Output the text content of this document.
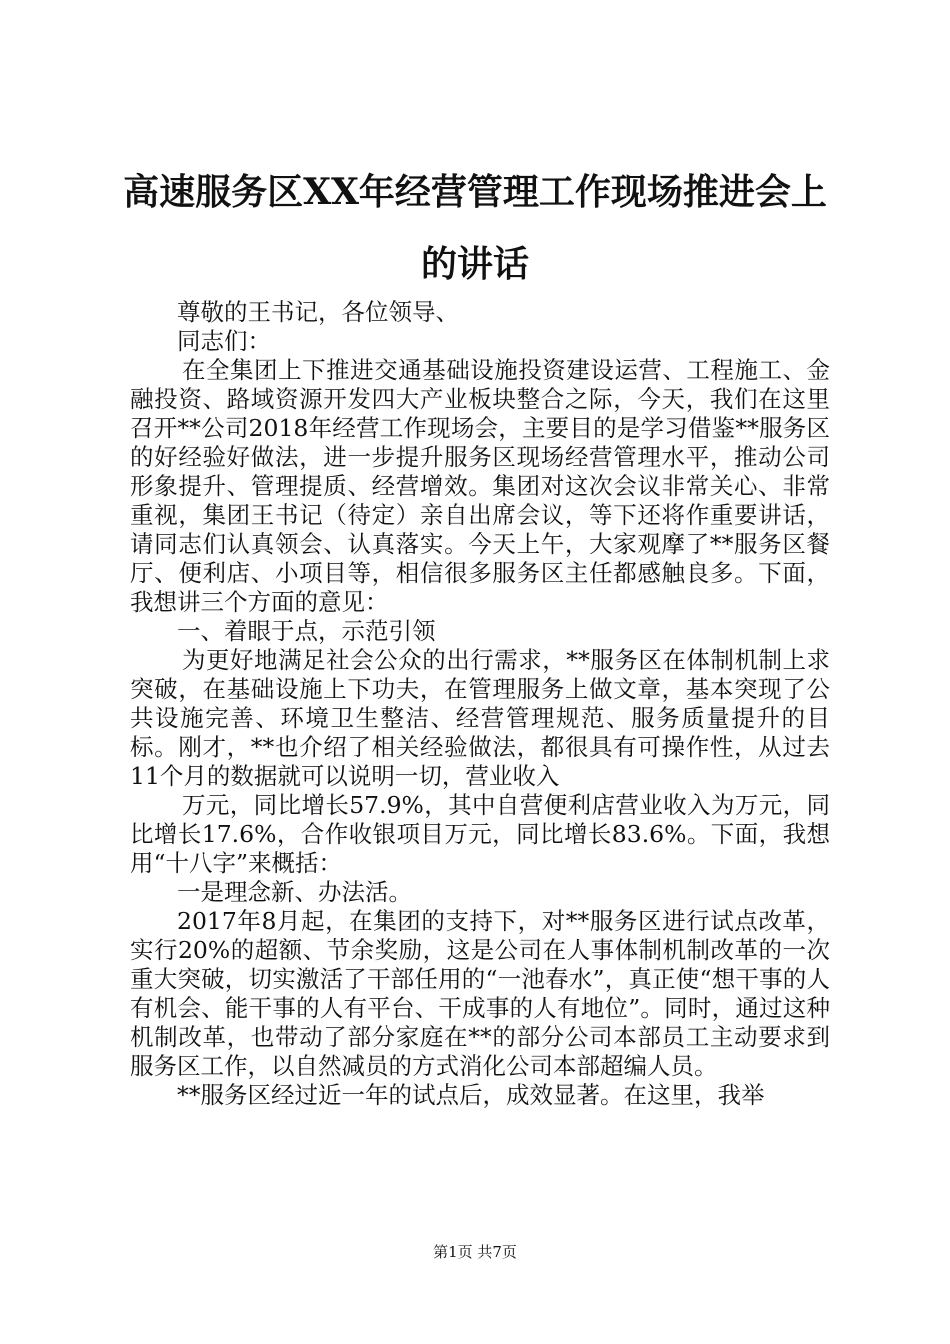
高速服务区XX年经营管理工作现场推进会上
的讲话

尊敬的王书记，各位领导、

同志们：

在全集团上下推进交通基础设施投资建设运营、工程施工、金融投资、路域资源开发四大产业板块整合之际，今天，我们在这里召开**公司2018年经营工作现场会，主要目的是学习借鉴**服务区的好经验好做法，进一步提升服务区现场经营管理水平，推动公司形象提升、管理提质、经营增效。集团对这次会议非常关心、非常重视，集团王书记（待定）亲自出席会议，等下还将作重要讲话，请同志们认真领会、认真落实。今天上午，大家观摩了**服务区餐厅、便利店、小项目等，相信很多服务区主任都感触良多。下面，我想讲三个方面的意见：

一、着眼于点，示范引领

为更好地满足社会公众的出行需求，**服务区在体制机制上求突破，在基础设施上下功夫，在管理服务上做文章，基本突现了公共设施完善、环境卫生整洁、经营管理规范、服务质量提升的目标。刚才，**也介绍了相关经验做法，都很具有可操作性，从过去11个月的数据就可以说明一切，营业收入

万元，同比增长57.9%，其中自营便利店营业收入为万元，同比增长17.6%，合作收银项目万元，同比增长83.6%。下面，我想用“十八字”来概括：

一是理念新、办法活。

2017年8月起，在集团的支持下，对**服务区进行试点改革，实行20%的超额、节余奖励，这是公司在人事体制机制改革的一次重大突破，切实激活了干部任用的“一池春水”，真正使“想干事的人有机会、能干事的人有平台、干成事的人有地位”。同时，通过这种机制改革，也带动了部分家庭在**的部分公司本部员工主动要求到服务区工作，以自然减员的方式消化公司本部超编人员。

**服务区经过近一年的试点后，成效显著。在这里，我举

第1页 共7页
